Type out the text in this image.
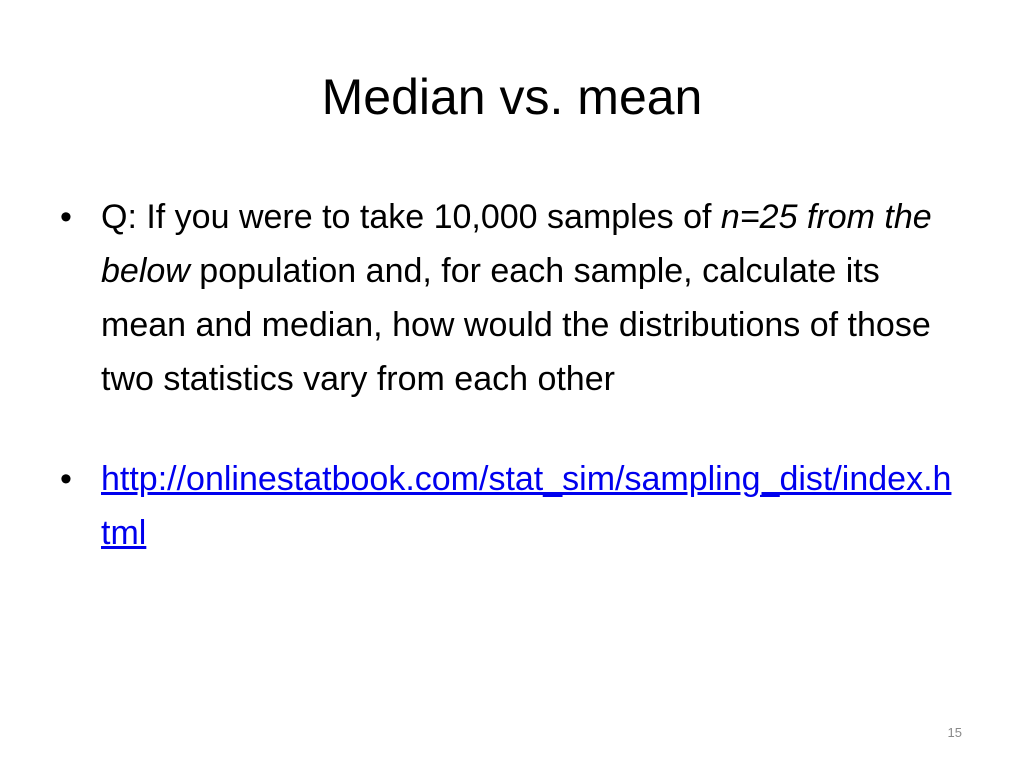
Median vs. mean
• Q: If you were to take 10,000 samples of n=25 from the below population and, for each sample, calculate its mean and median, how would the distributions of those two statistics vary from each other
• http://onlinestatbook.com/stat_sim/sampling_dist/index.html
15
